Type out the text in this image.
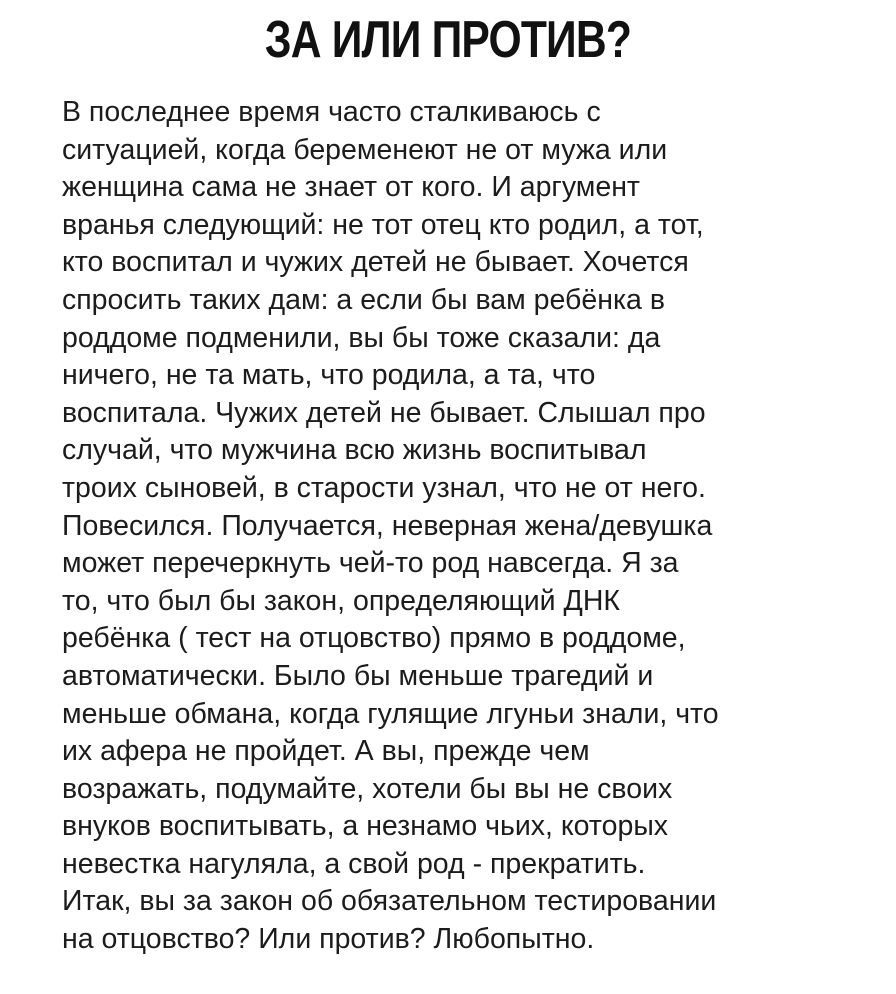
ЗА ИЛИ ПРОТИВ?
В последнее время часто сталкиваюсь с
ситуацией, когда беременеют не от мужа или
женщина сама не знает от кого. И аргумент
вранья следующий: не тот отец кто родил, а тот,
кто воспитал и чужих детей не бывает. Хочется
спросить таких дам: а если бы вам ребёнка в
роддоме подменили, вы бы тоже сказали: да
ничего, не та мать, что родила, а та, что
воспитала. Чужих детей не бывает. Слышал про
случай, что мужчина всю жизнь воспитывал
троих сыновей, в старости узнал, что не от него.
Повесился. Получается, неверная жена/девушка
может перечеркнуть чей-то род навсегда. Я за
то, что был бы закон, определяющий ДНК
ребёнка ( тест на отцовство) прямо в роддоме,
автоматически. Было бы меньше трагедий и
меньше обмана, когда гулящие лгуньи знали, что
их афера не пройдет. А вы, прежде чем
возражать, подумайте, хотели бы вы не своих
внуков воспитывать, а незнамо чьих, которых
невестка нагуляла, а свой род - прекратить.
Итак, вы за закон об обязательном тестировании
на отцовство? Или против? Любопытно.
